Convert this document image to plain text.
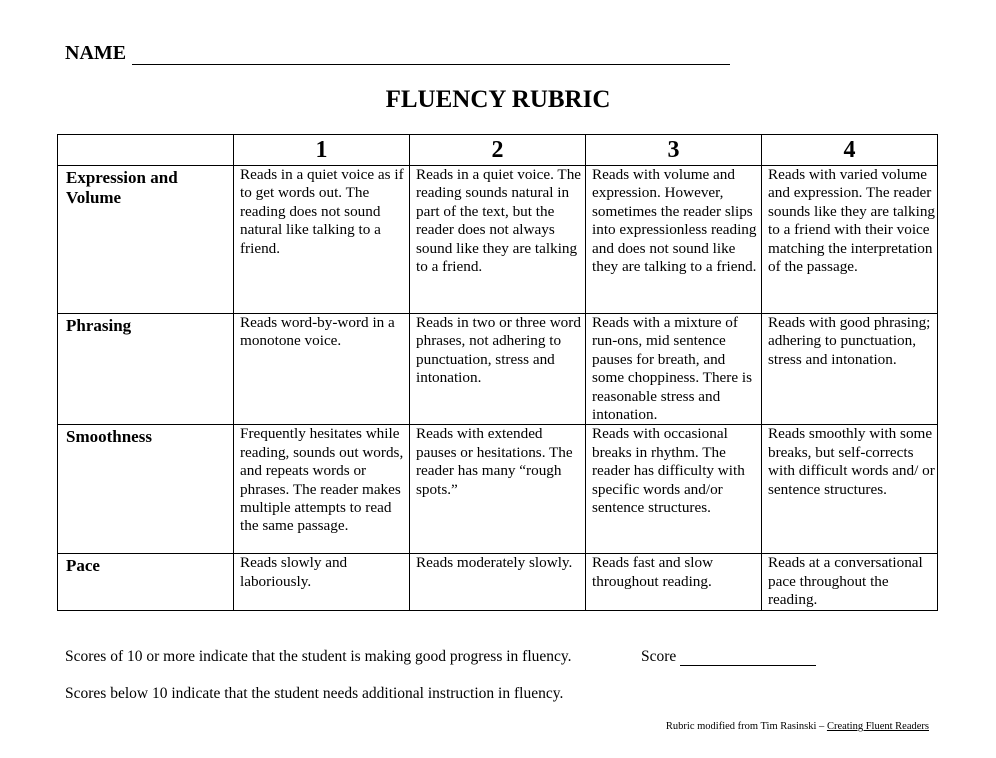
NAME
FLUENCY RUBRIC
	1	2	3	4
Expression and Volume	Reads in a quiet voice as if to get words out. The reading does not sound natural like talking to a friend.	Reads in a quiet voice. The reading sounds natural in part of the text, but the reader does not always sound like they are talking to a friend.	Reads with volume and expression. However, sometimes the reader slips into expressionless reading and does not sound like they are talking to a friend.	Reads with varied volume and expression. The reader sounds like they are talking to a friend with their voice matching the interpretation of the passage.
Phrasing	Reads word-by-word in a monotone voice.	Reads in two or three word phrases, not adhering to punctuation, stress and intonation.	Reads with a mixture of run-ons, mid sentence pauses for breath, and some choppiness. There is reasonable stress and intonation.	Reads with good phrasing; adhering to punctuation, stress and intonation.
Smoothness	Frequently hesitates while reading, sounds out words, and repeats words or phrases. The reader makes multiple attempts to read the same passage.	Reads with extended pauses or hesitations. The reader has many “rough spots.”	Reads with occasional breaks in rhythm. The reader has difficulty with specific words and/or sentence structures.	Reads smoothly with some breaks, but self-corrects with difficult words and/ or sentence structures.
Pace	Reads slowly and laboriously.	Reads moderately slowly.	Reads fast and slow throughout reading.	Reads at a conversational pace throughout the reading.
Scores of 10 or more indicate that the student is making good progress in fluency.	Score
Scores below 10 indicate that the student needs additional instruction in fluency.
Rubric modified from Tim Rasinski – Creating Fluent Readers
